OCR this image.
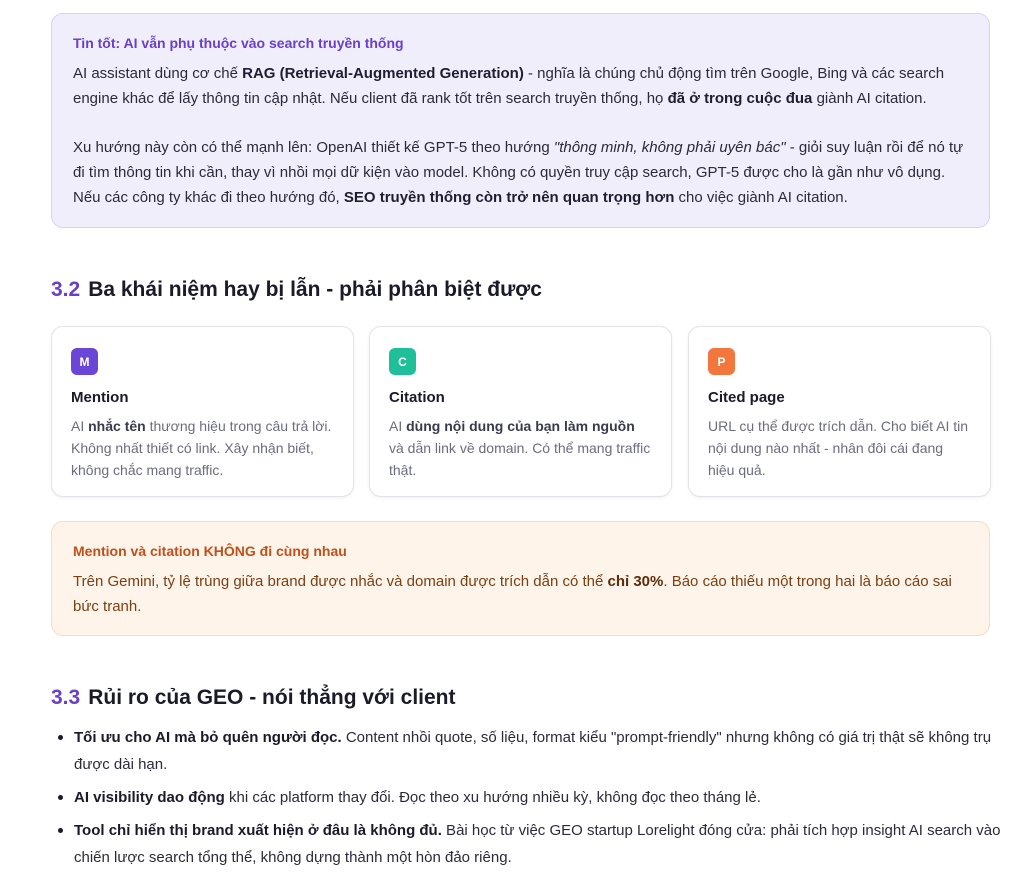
Tin tốt: AI vẫn phụ thuộc vào search truyền thống

AI assistant dùng cơ chế RAG (Retrieval-Augmented Generation) - nghĩa là chúng chủ động tìm trên Google, Bing và các search engine khác để lấy thông tin cập nhật. Nếu client đã rank tốt trên search truyền thống, họ đã ở trong cuộc đua giành AI citation.

Xu hướng này còn có thể mạnh lên: OpenAI thiết kế GPT-5 theo hướng "thông minh, không phải uyên bác" - giỏi suy luận rồi để nó tự đi tìm thông tin khi cần, thay vì nhồi mọi dữ kiện vào model. Không có quyền truy cập search, GPT-5 được cho là gần như vô dụng. Nếu các công ty khác đi theo hướng đó, SEO truyền thống còn trở nên quan trọng hơn cho việc giành AI citation.

3.2 Ba khái niệm hay bị lẫn - phải phân biệt được
M
Mention
AI nhắc tên thương hiệu trong câu trả lời. Không nhất thiết có link. Xây nhận biết, không chắc mang traffic.
C
Citation
AI dùng nội dung của bạn làm nguồn và dẫn link về domain. Có thể mang traffic thật.
P
Cited page
URL cụ thể được trích dẫn. Cho biết AI tin nội dung nào nhất - nhân đôi cái đang hiệu quả.
Mention và citation KHÔNG đi cùng nhau

Trên Gemini, tỷ lệ trùng giữa brand được nhắc và domain được trích dẫn có thể chỉ 30%. Báo cáo thiếu một trong hai là báo cáo sai bức tranh.

3.3 Rủi ro của GEO - nói thẳng với client
Tối ưu cho AI mà bỏ quên người đọc. Content nhồi quote, số liệu, format kiểu "prompt-friendly" nhưng không có giá trị thật sẽ không trụ được dài hạn.
AI visibility dao động khi các platform thay đổi. Đọc theo xu hướng nhiều kỳ, không đọc theo tháng lẻ.
Tool chỉ hiển thị brand xuất hiện ở đâu là không đủ. Bài học từ việc GEO startup Lorelight đóng cửa: phải tích hợp insight AI search vào chiến lược search tổng thể, không dựng thành một hòn đảo riêng.
